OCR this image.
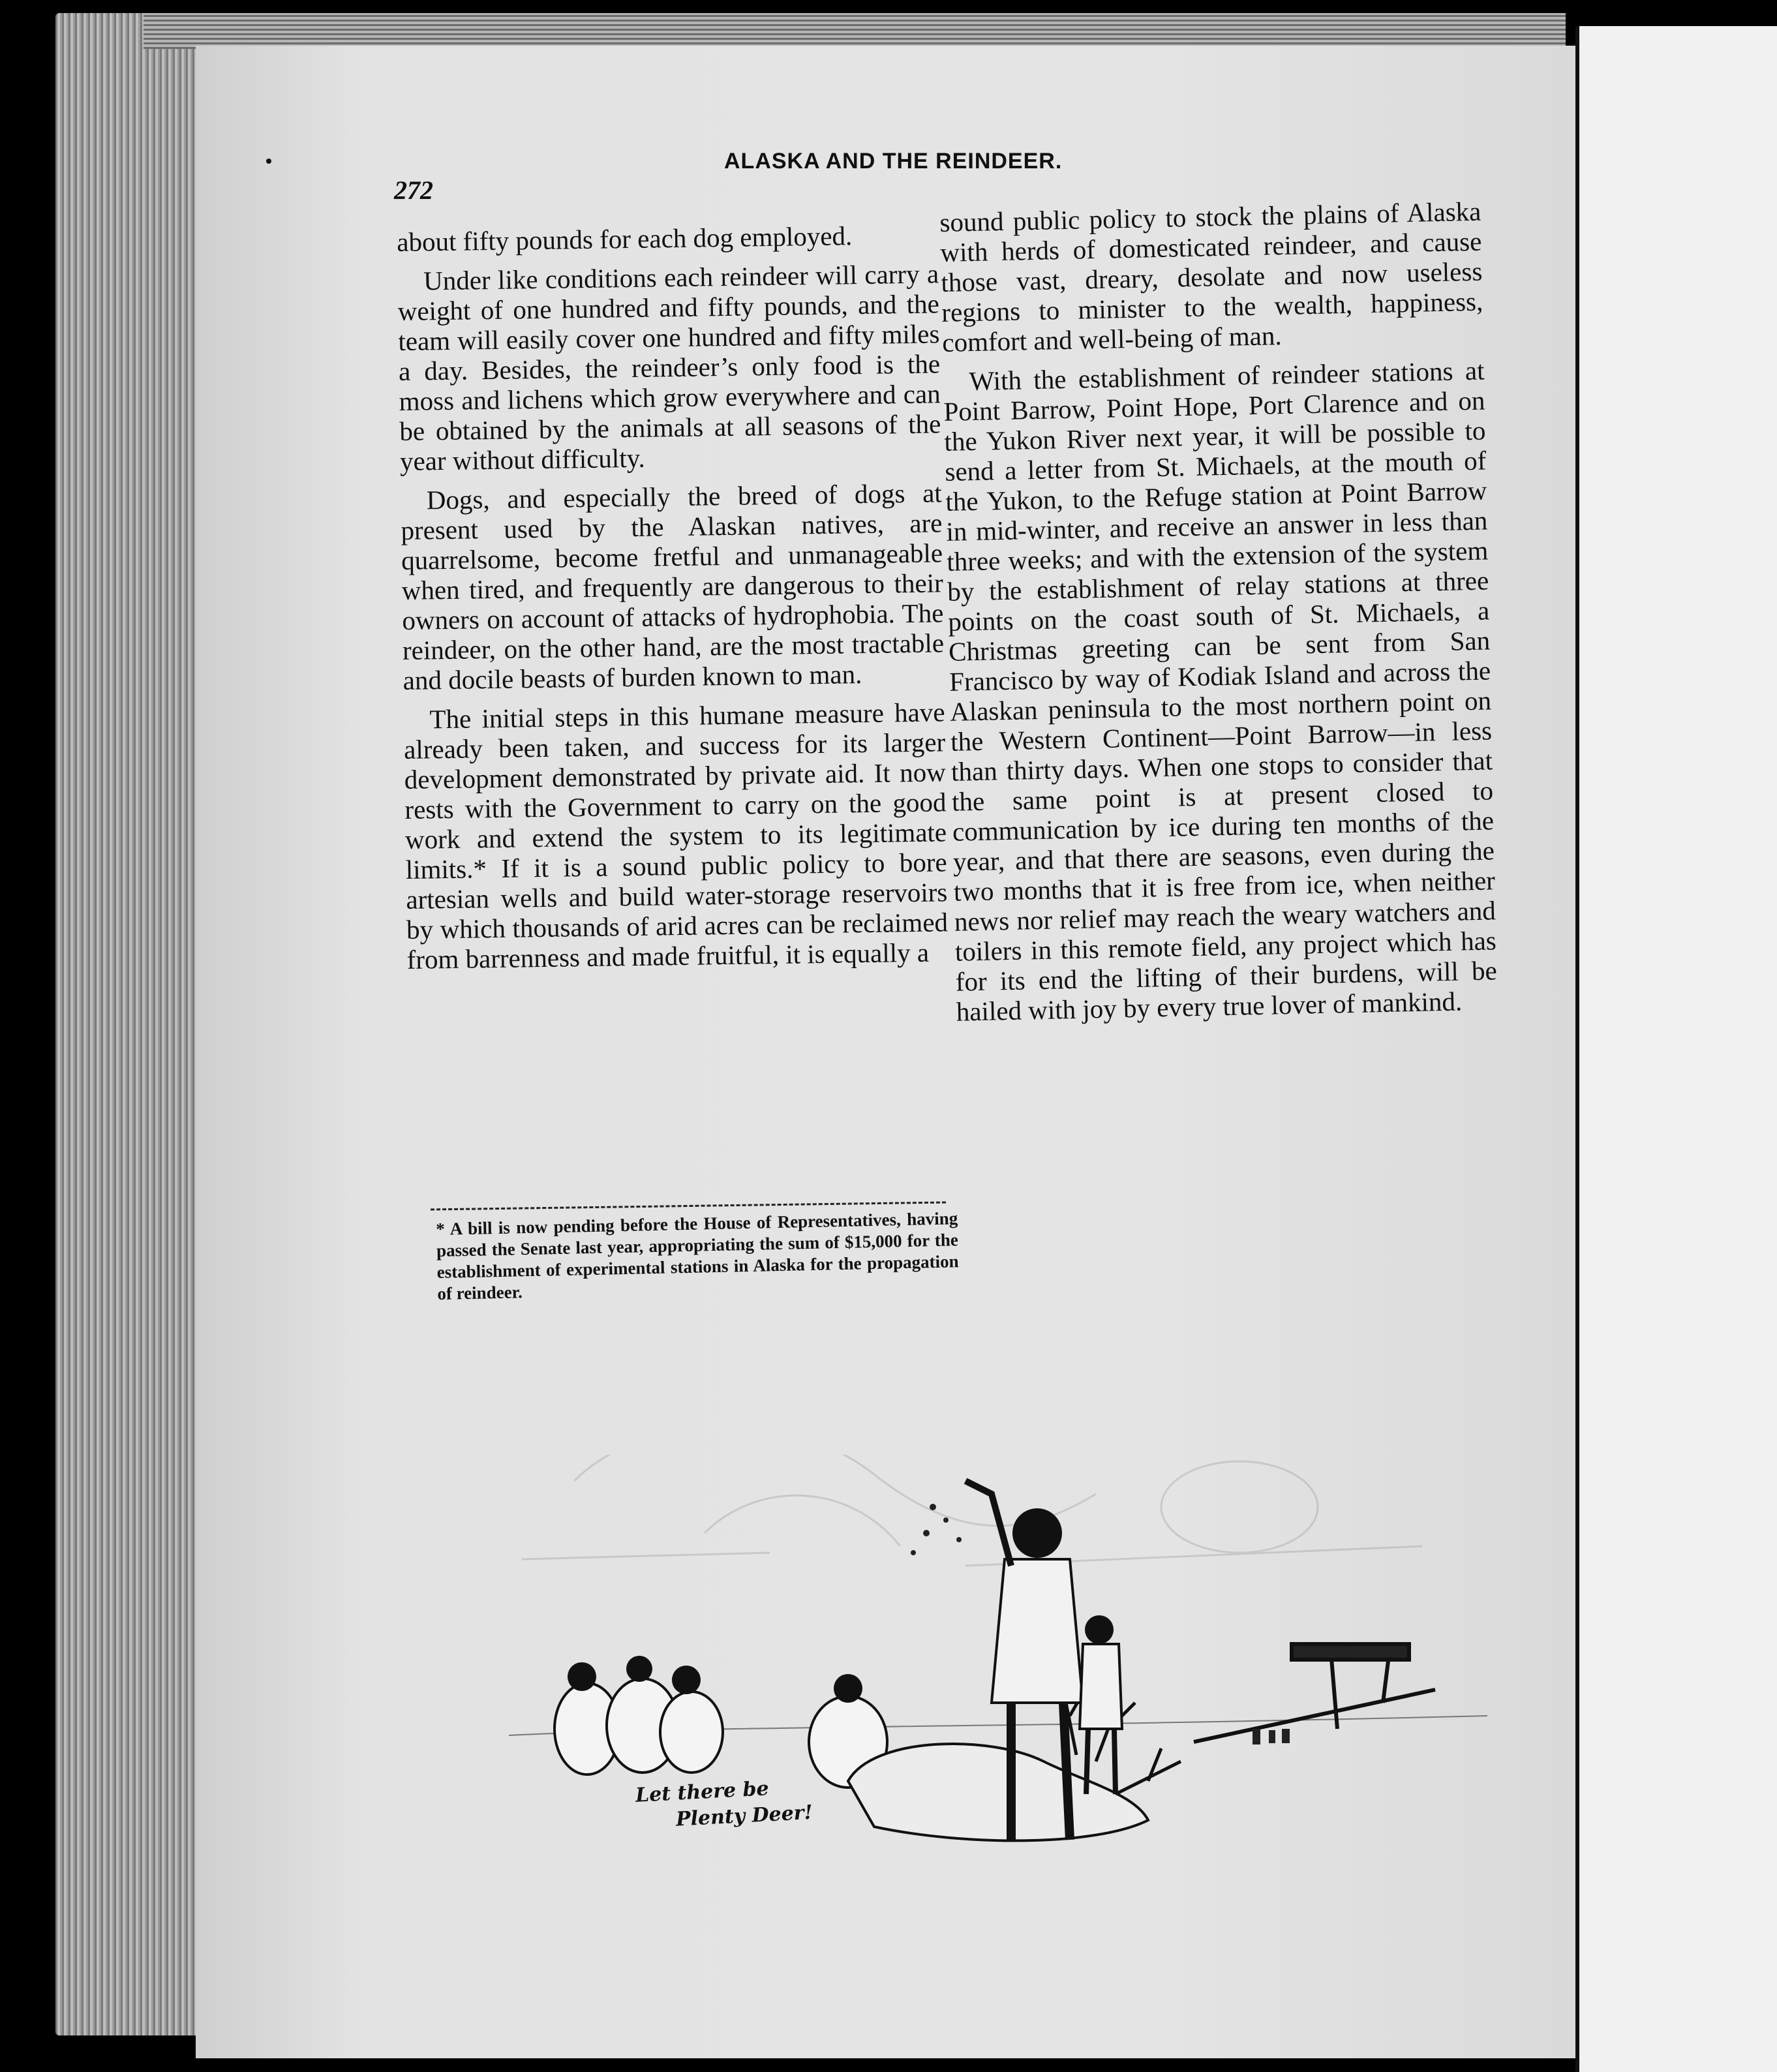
272
ALASKA AND THE REINDEER.

about fifty pounds for each dog employed.

Under like conditions each reindeer will carry a weight of one hundred and fifty pounds, and the team will easily cover one hundred and fifty miles a day. Besides, the reindeer’s only food is the moss and lichens which grow everywhere and can be obtained by the animals at all seasons of the year without difficulty.

Dogs, and especially the breed of dogs at present used by the Alaskan natives, are quarrelsome, become fretful and unmanageable when tired, and frequently are dangerous to their owners on account of attacks of hydrophobia. The reindeer, on the other hand, are the most tractable and docile beasts of burden known to man.

The initial steps in this humane measure have already been taken, and success for its larger development demonstrated by private aid. It now rests with the Government to carry on the good work and extend the system to its legitimate limits.* If it is a sound public policy to bore artesian wells and build water-storage reservoirs by which thousands of arid acres can be reclaimed from barrenness and made fruitful, it is equally a

sound public policy to stock the plains of Alaska with herds of domesticated reindeer, and cause those vast, dreary, desolate and now useless regions to minister to the wealth, happiness, comfort and well-being of man.

With the establishment of reindeer stations at Point Barrow, Point Hope, Port Clarence and on the Yukon River next year, it will be possible to send a letter from St. Michaels, at the mouth of the Yukon, to the Refuge station at Point Barrow in mid-winter, and receive an answer in less than three weeks; and with the extension of the system by the establishment of relay stations at three points on the coast south of St. Michaels, a Christmas greeting can be sent from San Francisco by way of Kodiak Island and across the Alaskan peninsula to the most northern point on the Western Continent—Point Barrow—in less than thirty days. When one stops to consider that the same point is at present closed to communication by ice during ten months of the year, and that there are seasons, even during the two months that it is free from ice, when neither news nor relief may reach the weary watchers and toilers in this remote field, any project which has for its end the lifting of their burdens, will be hailed with joy by every true lover of mankind.

* A bill is now pending before the House of Representatives, having passed the Senate last year, appropriating the sum of $15,000 for the establishment of experimental stations in Alaska for the propagation of reindeer.
Let there be
Plenty Deer!
